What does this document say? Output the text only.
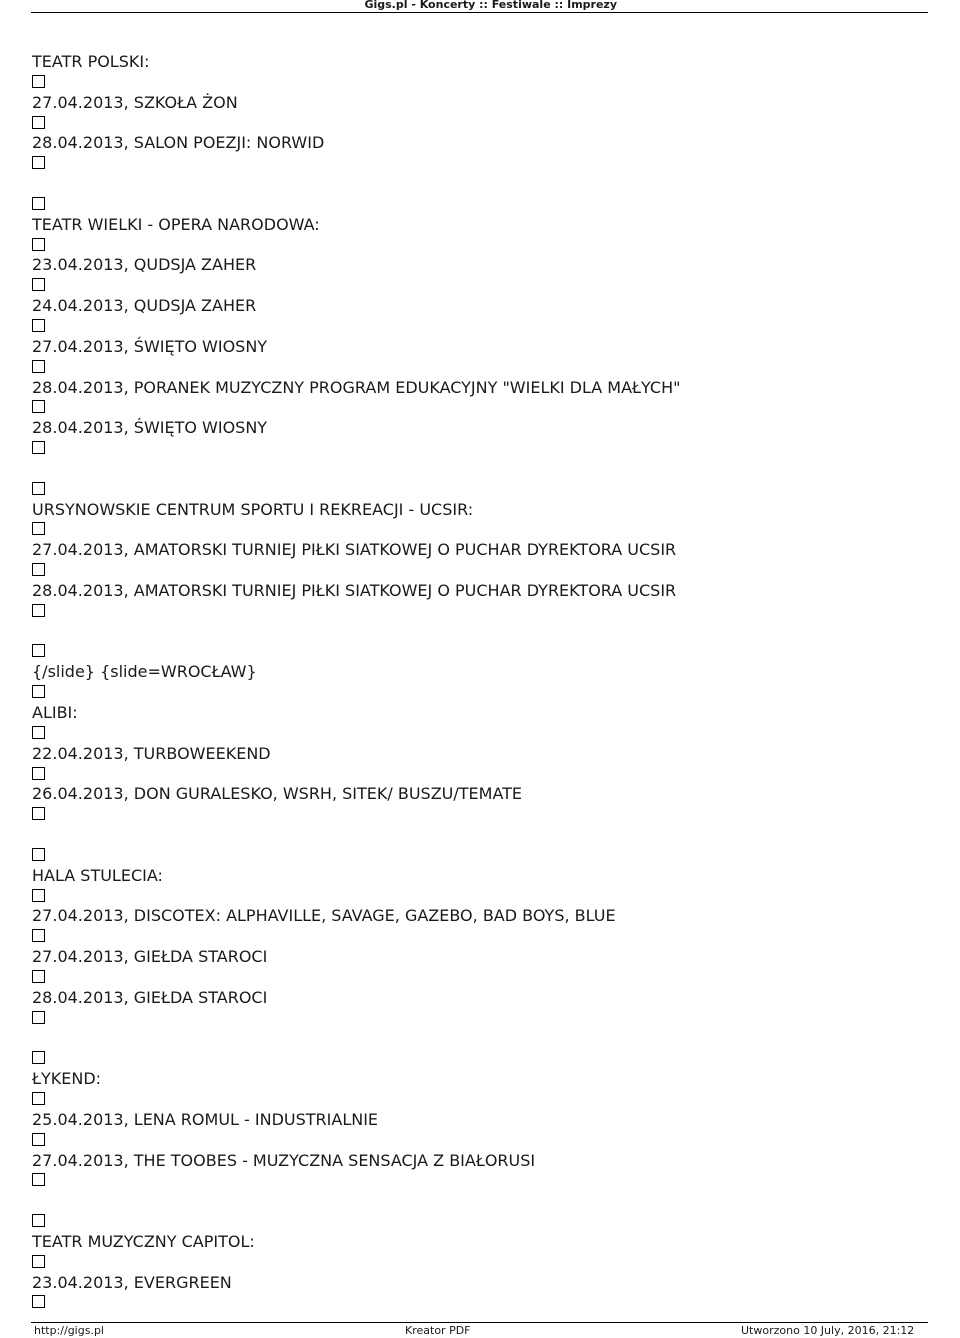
Gigs.pl - Koncerty :: Festiwale :: Imprezy
TEATR POLSKI:
27.04.2013, SZKOŁA ŻON
28.04.2013, SALON POEZJI: NORWID
TEATR WIELKI - OPERA NARODOWA:
23.04.2013, QUDSJA ZAHER
24.04.2013, QUDSJA ZAHER
27.04.2013, ŚWIĘTO WIOSNY
28.04.2013, PORANEK MUZYCZNY PROGRAM EDUKACYJNY "WIELKI DLA MAŁYCH"
28.04.2013, ŚWIĘTO WIOSNY
URSYNOWSKIE CENTRUM SPORTU I REKREACJI - UCSIR:
27.04.2013, AMATORSKI TURNIEJ PIŁKI SIATKOWEJ O PUCHAR DYREKTORA UCSIR
28.04.2013, AMATORSKI TURNIEJ PIŁKI SIATKOWEJ O PUCHAR DYREKTORA UCSIR
{/slide} {slide=WROCŁAW}
ALIBI:
22.04.2013, TURBOWEEKEND
26.04.2013, DON GURALESKO, WSRH, SITEK/ BUSZU/TEMATE
HALA STULECIA:
27.04.2013, DISCOTEX: ALPHAVILLE, SAVAGE, GAZEBO, BAD BOYS, BLUE
27.04.2013, GIEŁDA STAROCI
28.04.2013, GIEŁDA STAROCI
ŁYKEND:
25.04.2013, LENA ROMUL - INDUSTRIALNIE
27.04.2013, THE TOOBES - MUZYCZNA SENSACJA Z BIAŁORUSI
TEATR MUZYCZNY CAPITOL:
23.04.2013, EVERGREEN
http://gigs.pl	Kreator PDF	Utworzono 10 July, 2016, 21:12
